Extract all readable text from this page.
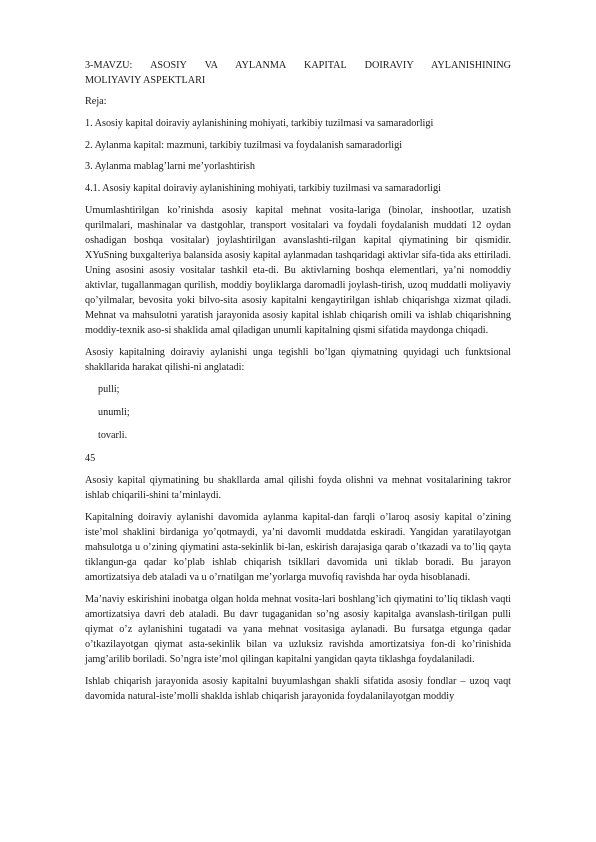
3-MAVZU: ASOSIY VA AYLANMA KAPITAL DOIRAVIY AYLANISHINING

MOLIYAVIY ASPEKTLARI

Reja:

1. Asosiy kapital doiraviy aylanishining mohiyati, tarkibiy tuzilmasi va samaradorligi

2. Aylanma kapital: mazmuni, tarkibiy tuzilmasi va foydalanish samaradorligi

3. Aylanma mablag’larni me’yorlashtirish

4.1. Asosiy kapital doiraviy aylanishining mohiyati, tarkibiy tuzilmasi va samaradorligi

Umumlashtirilgan ko’rinishda asosiy kapital mehnat vosita-lariga (binolar, inshootlar, uzatish qurilmalari, mashinalar va dastgohlar, transport vositalari va foydali foydalanish muddati 12 oydan oshadigan boshqa vositalar) joylashtirilgan avanslashti-rilgan kapital qiymatining bir qismidir. XYuSning buxgalteriya balansida asosiy kapital aylanmadan tashqaridagi aktivlar sifa-tida aks ettiriladi. Uning asosini asosiy vositalar tashkil eta-di. Bu aktivlarning boshqa elementlari, ya’ni nomoddiy aktivlar, tugallanmagan qurilish, moddiy boyliklarga daromadli joylash-tirish, uzoq muddatli moliyaviy qo’yilmalar, bevosita yoki bilvo-sita asosiy kapitalni kengaytirilgan ishlab chiqarishga xizmat qiladi. Mehnat va mahsulotni yaratish jarayonida asosiy kapital ishlab chiqarish omili va ishlab chiqarishning moddiy-texnik aso-si shaklida amal qiladigan unumli kapitalning qismi sifatida maydonga chiqadi.

Asosiy kapitalning doiraviy aylanishi unga tegishli bo’lgan qiymatning quyidagi uch funktsional shakllarida harakat qilishi-ni anglatadi:

pulli;
unumli;
tovarli.
45

Asosiy kapital qiymatining bu shakllarda amal qilishi foyda olishni va mehnat vositalarining takror ishlab chiqarili-shini ta’minlaydi.

Kapitalning doiraviy aylanishi davomida aylanma kapital-dan farqli o’laroq asosiy kapital o’zining iste’mol shaklini birdaniga yo’qotmaydi, ya’ni davomli muddatda eskiradi. Yangidan yaratilayotgan mahsulotga u o’zining qiymatini asta-sekinlik bi-lan, eskirish darajasiga qarab o’tkazadi va to’liq qayta tiklangun-ga qadar ko’plab ishlab chiqarish tsikllari davomida uni tiklab boradi. Bu jarayon amortizatsiya deb ataladi va u o’rnatilgan me’yorlarga muvofiq ravishda har oyda hisoblanadi.

Ma’naviy eskirishini inobatga olgan holda mehnat vosita-lari boshlang’ich qiymatini to’liq tiklash vaqti amortizatsiya davri deb ataladi. Bu davr tugaganidan so’ng asosiy kapitalga avanslash-tirilgan pulli qiymat o’z aylanishini tugatadi va yana mehnat vositasiga aylanadi. Bu fursatga etgunga qadar o’tkazilayotgan qiymat asta-sekinlik bilan va uzluksiz ravishda amortizatsiya fon-di ko’rinishida jamg’arilib boriladi. So’ngra iste’mol qilingan kapitalni yangidan qayta tiklashga foydalaniladi.

Ishlab chiqarish jarayonida asosiy kapitalni buyumlashgan shakli sifatida asosiy fondlar – uzoq vaqt davomida natural-iste’molli shaklda ishlab chiqarish jarayonida foydalanilayotgan moddiy
